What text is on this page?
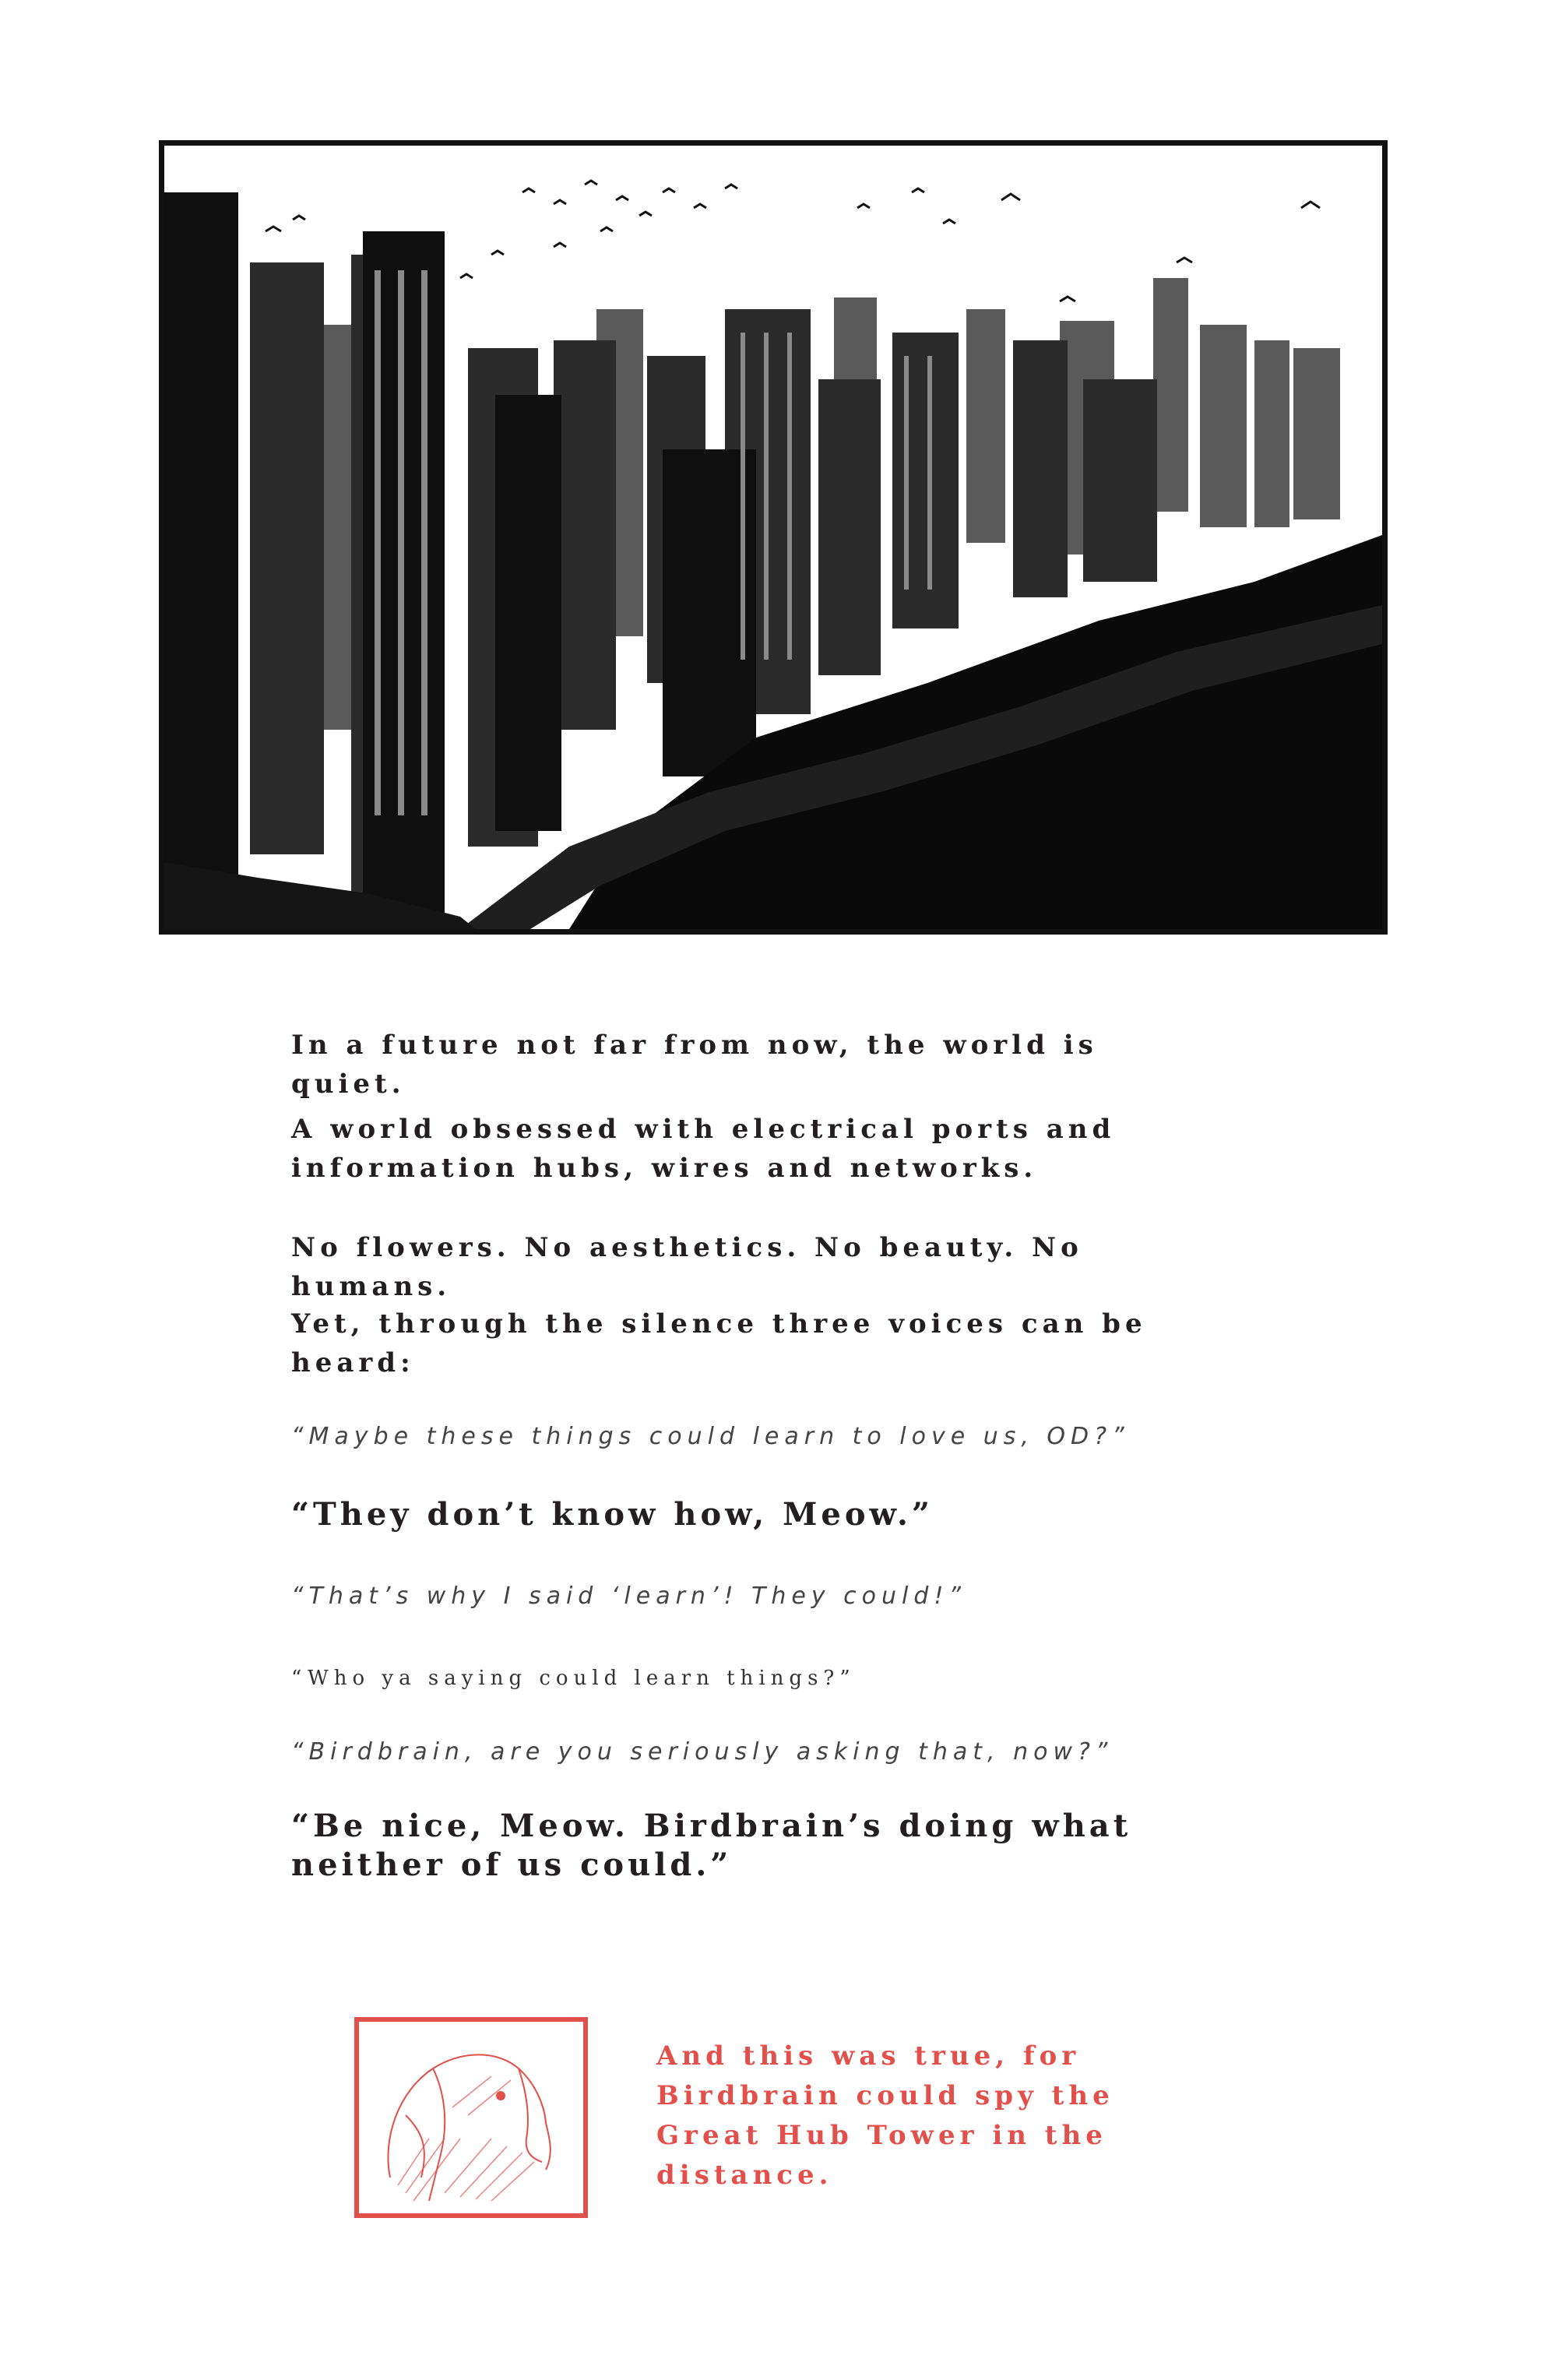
In a future not far from now, the world is quiet.

A world obsessed with electrical ports and information hubs, wires and networks.

No flowers. No aesthetics. No beauty. No humans.

Yet, through the silence three voices can be heard:

“Maybe these things could learn to love us, OD?”

“They don’t know how, Meow.”

“That’s why I said ‘learn’! They could!”

“Who ya saying could learn things?”

“Birdbrain, are you seriously asking that, now?”

“Be nice, Meow. Birdbrain’s doing what neither of us could.”

And this was true, for Birdbrain could spy the Great Hub Tower in the distance.
